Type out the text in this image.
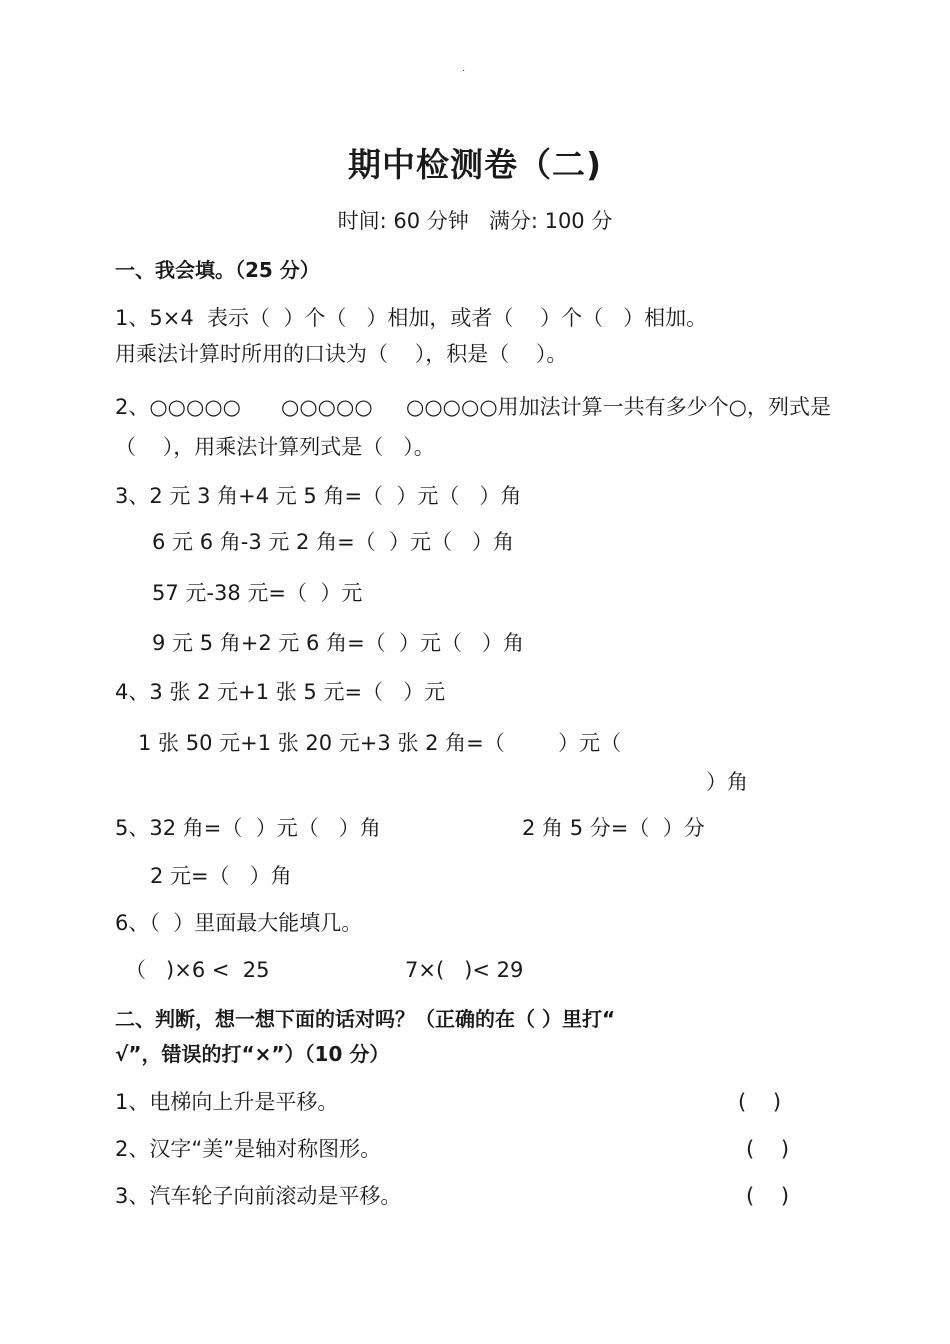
·
期中检测卷（二)
时间: 60 分钟   满分: 100 分
一、我会填。（25 分）
1、5×4  表示（  ）个（   ）相加，或者（    ）个（   ）相加。
用乘法计算时所用的口诀为（    ），积是（    ）。
2、○○○○○      ○○○○○     ○○○○○用加法计算一共有多少个○，列式是
（    ），用乘法计算列式是（   ）。
3、2 元 3 角+4 元 5 角=（  ）元（   ）角
6 元 6 角-3 元 2 角=（  ）元（   ）角
57 元-38 元=（  ）元
9 元 5 角+2 元 6 角=（  ）元（   ）角
4、3 张 2 元+1 张 5 元=（   ）元
1 张 50 元+1 张 20 元+3 张 2 角=（        ）元（
）角
5、32 角=（  ）元（   ）角	2 角 5 分=（  ）分
2 元=（   ）角
6、（  ）里面最大能填几。
（   )×6 <  25	7×(   )< 29
二、判断，想一想下面的话对吗？（正确的在（ ）里打“
√”，错误的打“×”）（10 分）
1、电梯向上升是平移。	(    )
2、汉字“美”是轴对称图形。	(    )
3、汽车轮子向前滚动是平移。	(    )
